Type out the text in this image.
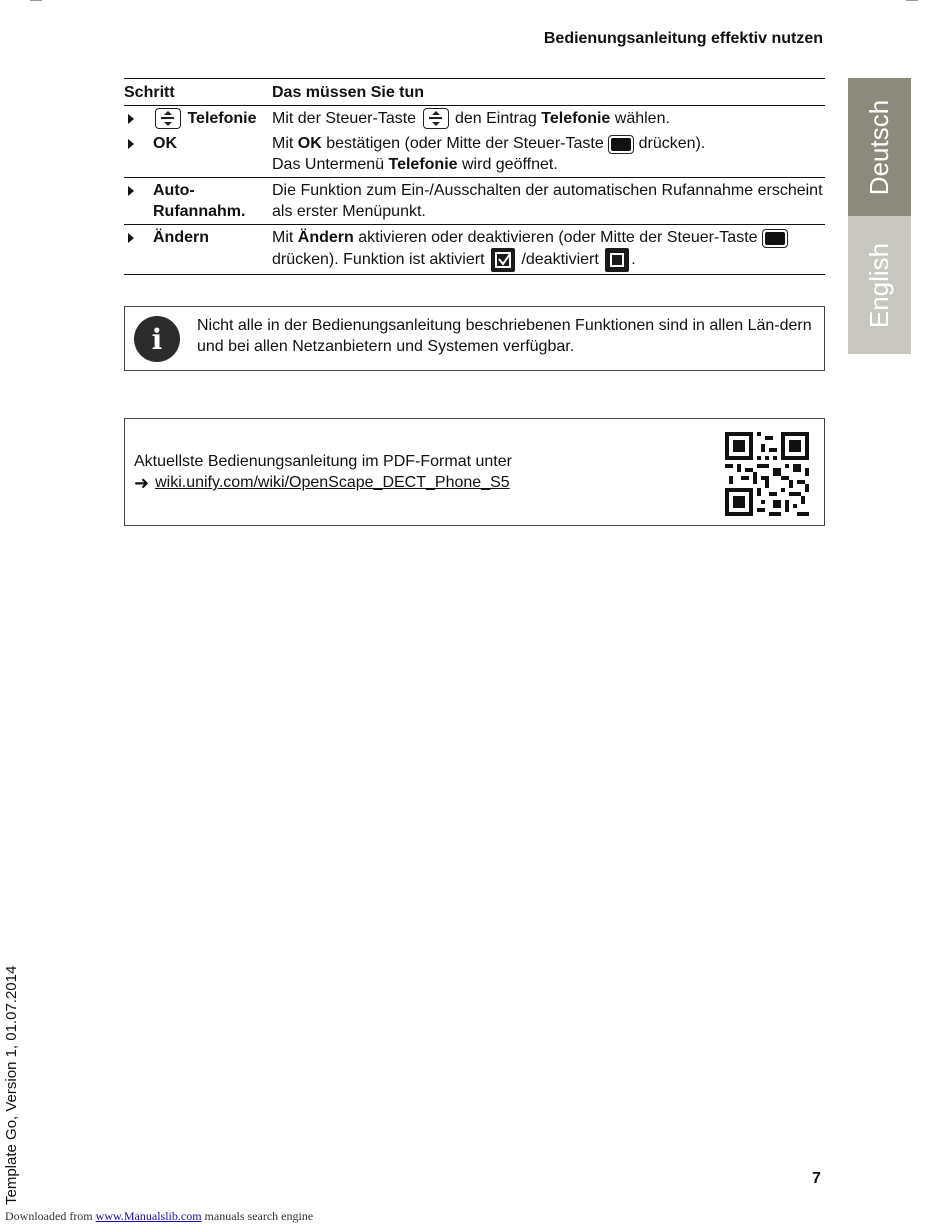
Bedienungsanleitung effektiv nutzen
Deutsch
English
Schritt	Das müssen Sie tun

Telefonie	Mit der Steuer-Taste den Eintrag Telefonie wählen.

OK	Mit OK bestätigen (oder Mitte der Steuer-Taste drücken).
Das Untermenü Telefonie wird geöffnet.

Auto-
Rufannahm.	Die Funktion zum Ein-/Ausschalten der automatischen Rufannahme erscheint als erster Menüpunkt.

Ändern	Mit Ändern aktivieren oder deaktivieren (oder Mitte der Steuer-Taste

drücken). Funktion ist aktiviert /deaktiviert .
i	Nicht alle in der Bedienungsanleitung beschriebenen Funktionen sind in allen Län-dern und bei allen Netzanbietern und Systemen verfügbar.
Aktuellste Bedienungsanleitung im PDF-Format unter
➜ wiki.unify.com/wiki/OpenScape_DECT_Phone_S5
7
Template Go, Version 1, 01.07.2014
Downloaded from www.Manualslib.com manuals search engine
